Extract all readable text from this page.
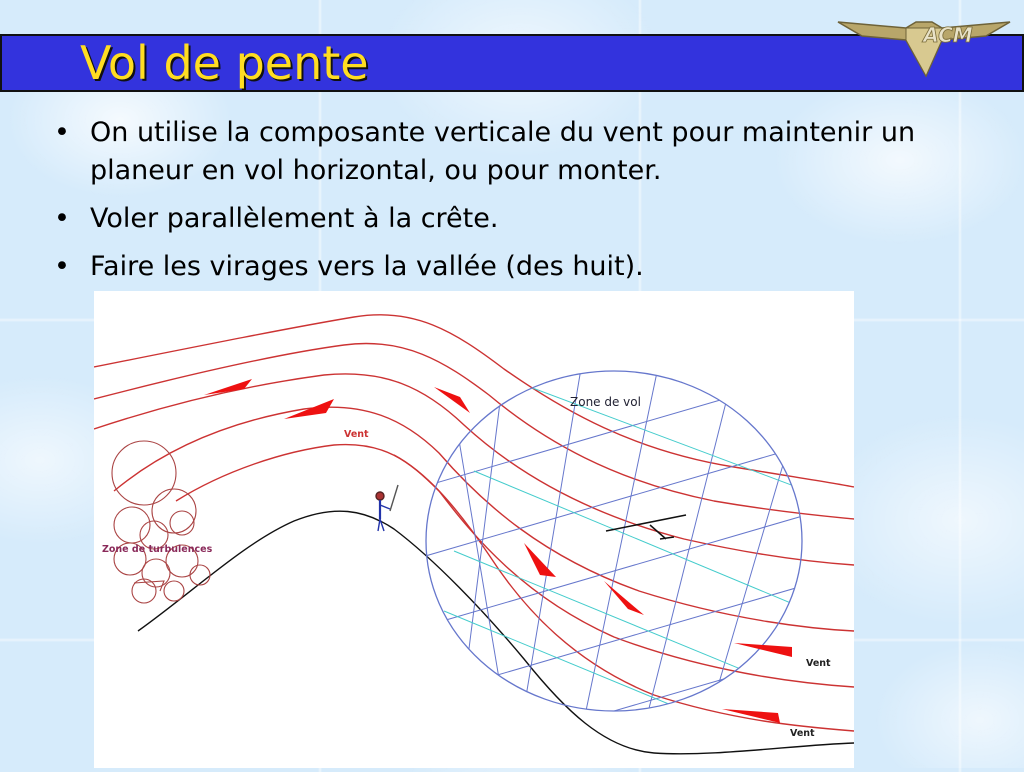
Vol de pente
ACM
• On utilise la composante verticale du vent pour maintenir un planeur en vol horizontal, ou pour monter.
• Voler parallèlement à la crête.
• Faire les virages vers la vallée (des huit).
Zone de vol
Zone de turbulences
Vent
Vent
Vent
